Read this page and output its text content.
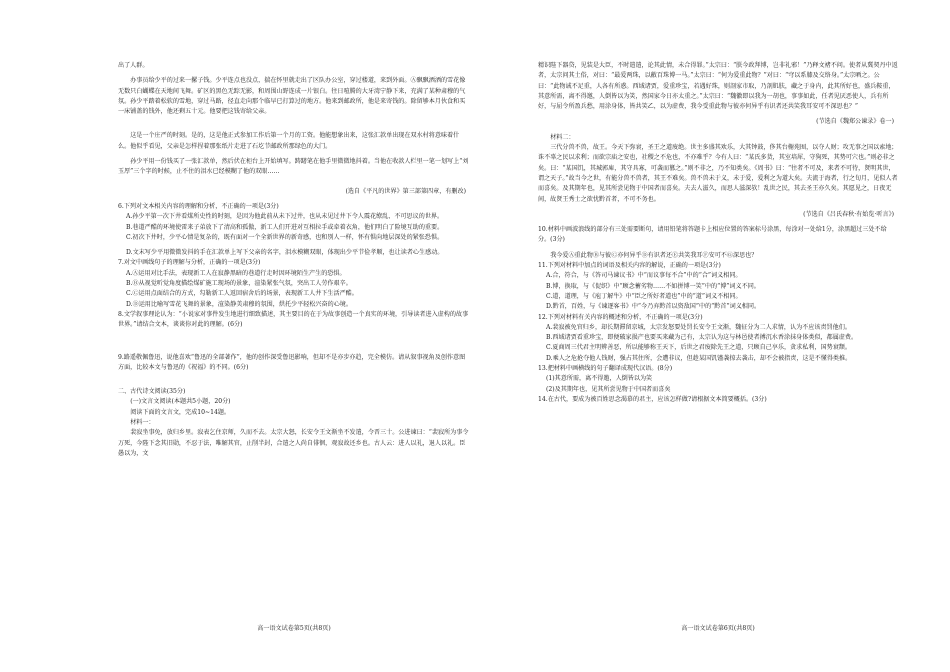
出了人群。

办事员给少平的过来一摞子钱。少平连点也没点，揣在怀里就走出了区队办公室，穿过楼道，来到外面。Ⓐ飘飘洒洒的雪花像无数只白蝴蝶在天地间飞舞。矿区的黑色无踪无影，和周围山野连成一片银白。往日喧腾的大牙湾宁静下来，充满了某种肃穆的气氛。孙少平踏着松软的雪地，穿过马路，径直走向那个临早已打算过的地方。他来到邮政所，他是来寄钱的。除留够本月伙食和买一床铺盖的钱外，他还剩五十元。他要把这钱寄给父亲。

这是一个庄严的时刻。是的，这是他正式参加工作后第一个月的工资。他能想象出来，这张汇款单出现在双水村将意味着什么。他似乎看见，父亲是怎样捏着那张纸片走进了石圪节邮政所那绿色的大门。

孙少平用一份钱买了一张汇款单，然后伏在柜台上开始填写。踌躇笔在他手里微微地抖着。当他在收款人栏里一笔一划写上“刘玉厚”三个字的时候，止不住的泪水已经模糊了他的双眼……

(选自《平凡的世界》第三部第四章，有删改)

6.下列对文本相关内容的理解和分析，不正确的一项是(3分)

A.孙少平第一次下井看煤所史性的时刻，是因为他此前从未下过井，也从未见过井下令人震花缭乱、不可思议的世界。

B.巷道严酷的环境使雷来子弟放下了清高和孤傲，新工人们开进对互相拉手或牵着衣角，他们明白了险境互助的重要。

C.初次下井时，少平心情是复杂的，既有面对一个全新世界的新奇感，也和别人一样，怀有惧向地层深处的紧张恐惧。

D.文末写少平用微微发抖的手在汇款单上写下父亲的名字，泪水模糊双眼，体现出少平节俭孝顺，也让读者心生感动。

7.对文中画线句子的理解与分析，正确的一项是(3分)

A.Ⓐ运用对比手法，表现新工人在寂静黑暗的巷道行走时因环境陌生产生的恐惧。

B.Ⓑ从视觉听觉角度描绘煤矿施工现场的景象，渲染紧张气氛，突出工人劳作艰辛。

C.Ⓒ运用点面结合的方式，勾勒新工人返回宿舍后的场景，表现新工人井下生活严酷。

D.Ⓓ运用比喻写雪花飞舞的景象，渲染静美肃穆的氛围，烘托少平轻松兴奋的心境。

8.文学叙事理论认为：“小说家对事件发生地进行细致描述，其主要目的在于为故事创造一个真实的环境，引导读者进入虚构的故事世界。”请结合文本，谈谈你对此的理解。(6分)

9.路遥敬佩鲁迅，说他喜欢“鲁迅的全部著作”，他的创作深受鲁迅影响，但却不是亦步亦趋，完全模仿。请从叙事视角及创作意图方面，比较本文与鲁迅的《祝福》的不同。(6分)

二、古代诗文阅读(35分)

(一)文言文阅读(本题共5小题，20分)

阅读下面的文言文，完成10~14题。

材料一：

裴寂坐事免，放归乡里。寂表乞住京师，久而不去。太宗大怒，长安令王文渐坐不发遣，令晋三十。公进谏曰：“裴寂所为事令万死，今陛下念其旧勋，不忍于法，唯解其官，止削半封，合遣之人尚自俳徊，观寂故还乡也。古人云：进人以礼，退人以礼。臣愚以为，文

高一语文试卷第5页(共8页)

精识陛下器贷，见装是大臣，不时遣遣，论其此情，未合得罪。”太宗曰：“朕今政拜博，岂非礼邪！”乃释文褚不问。使者从冀契丹中返者，太宗问其土俗，对曰：“最爱两珠，以敝百珠博一马。”太宗曰：“何为爱重此物？”对曰：“穹以系膝及交络身。”太宗哂之。公曰：“此物诚不足重，人各有所惑。西域诸贾，爱重珍宝，若遇好珠，则剖家市取，乃剖肌肤，藏之于身内，此其所好也，盛兵鞍重，其意所需，离不得邀，人倒皆以为笑，然国家今日亦太重之。”太宗曰：“魏徽即以我为一胡也，事事如此，任者见厌恶使人，兵有所好，与屈令所盈兵愁，用涂身体，皆共笑乙，以为虚费，我今受重此物与彼亦何异乎有识者还共笑我耳安可不深思也？”

(节选自《魏郑公谏录》卷一)

材料二：

三代分兽不兽，故王。今天下弥衰，圣王之道废绝。世主多盛其欢乐，大其钟鼓，侈其台榭苑囿，以夺人财；攻无事之国以索地；诛不辜之民以求利；而欲宗庙之安也，社稷之不危也，不亦难乎？今有人曰：“某氏多货，其室培犀，守狗死，其势可穴也。”则必非之矣。曰：“某国饥，其城郭庳，其守具寡，可袭而篡之。”则不非之，乃不知类矣。《周书》曰：“往者不可及，来者不可待，贤明其世，谓之天子。”故当今之世，有能分兽不兽者，其王不难矣。兽不兽未于义，未于爱，爱利之为道大矣。夫流于海者，行之旬月，见似人者而喜矣。及其期年也，见其所尝见物于中国者而喜矣。夫去人滋久，而思人滋深欤！乱世之民，其去圣王亦久矣。其愿见之，日夜无间，故贤王秀士之欲忧黔首者，不可不务也。

(节选自《吕氏春秋·有始览·听言》)

10.材料中画波浪线的部分有三处需要断句，请用铅笔将答题卡上相应位置的答案标号涂黑，每涂对一处给1分，涂黑超过三处不给分。(3分)

我今爱Ⓐ重此物Ⓑ与彼Ⓒ亦何异乎Ⓓ有识者还Ⓔ共笑我耳Ⓕ安可不Ⓖ深思也？

11.下列对材料中加点的词语及相关内容的解说，正确的一项是(3分)

A.合，符合，与《答司马谏议书》中“而议事每不合”中的“合”词义相同。

B.博，换取，与《促织》中“顾念蓄劣物……不如拼博一笑”中的“博”词义不同。

C.道，道理，与《庖丁解牛》中“臣之所好者道也”中的“道”词义不相同。

D.黔首，百姓，与《谏逐客书》中“今乃弃黔首以资敌国”中的“黔首”词义相同。

12.下列对材料有关内容的概述和分析，不正确的一项是(3分)

A.裴寂被免官归乡，却长期滞留京城，太宗发怒要处罚长安令王文渐，魏征分为二人求情，认为不应该责罚他们。

B.西域诸贾看重珍宝，即便破家损产也要买来藏为己有，太宗认为这与林邑使者搏沉水香涂抹身体类似，都属虚费。

C.夏商周三代君主明辨善恶，所以能够称王天下，后世之君废除先王之道，只顾自己享乐，贪求私利，国势衰颓。

D.乘人之危抢夺他人钱财，强占其住所，会遭非议，但趁某国饥馑袭掠去袭击，却不会被指责，这是不懂得类推。

13.把材料中画横线的句子翻译成现代汉语。(8分)

(1)其意所需，离不得邀，人倒皆以为笑

(2)及其期年也，见其所尝见物于中国者而喜矣

14.在古代，要成为被百姓思念渴慕的君主，应该怎样做?请根据文本简要概括。(3分)

高一语文试卷第6页(共8页)
